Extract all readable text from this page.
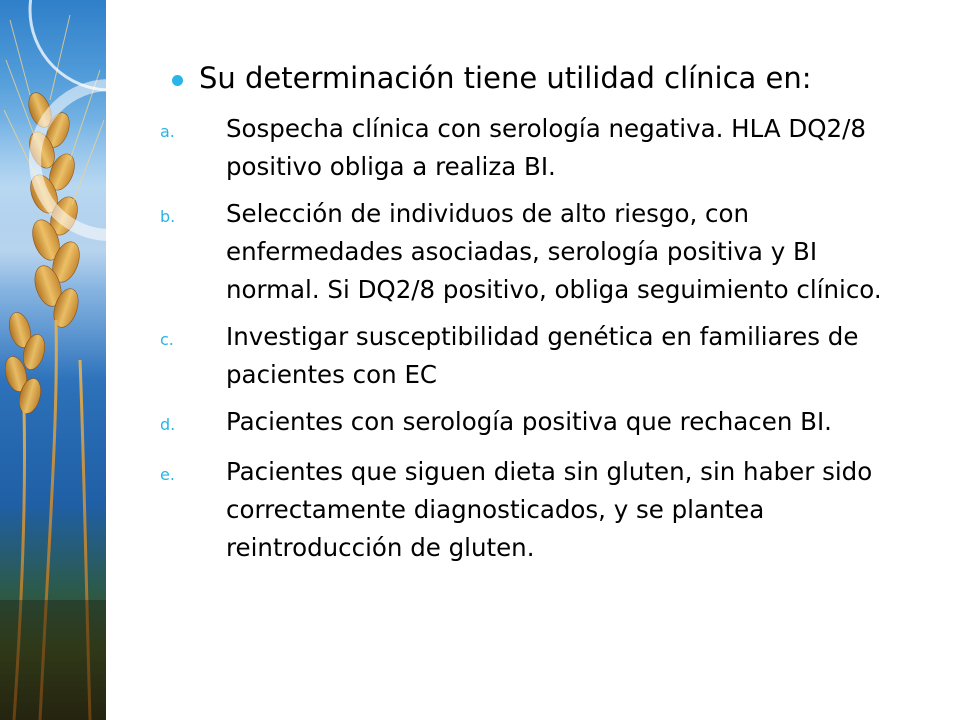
Su determinación tiene utilidad clínica en:
a.	Sospecha clínica con serología negativa. HLA DQ2/8 positivo obliga a realiza BI.
b.	Selección de individuos de alto riesgo, con enfermedades asociadas, serología positiva y BI normal. Si DQ2/8 positivo, obliga seguimiento clínico.
c.	Investigar susceptibilidad genética en familiares de pacientes con EC
d.	Pacientes con serología positiva que rechacen BI.
e.	Pacientes que siguen dieta sin gluten, sin haber sido correctamente diagnosticados, y se plantea reintroducción de gluten.
